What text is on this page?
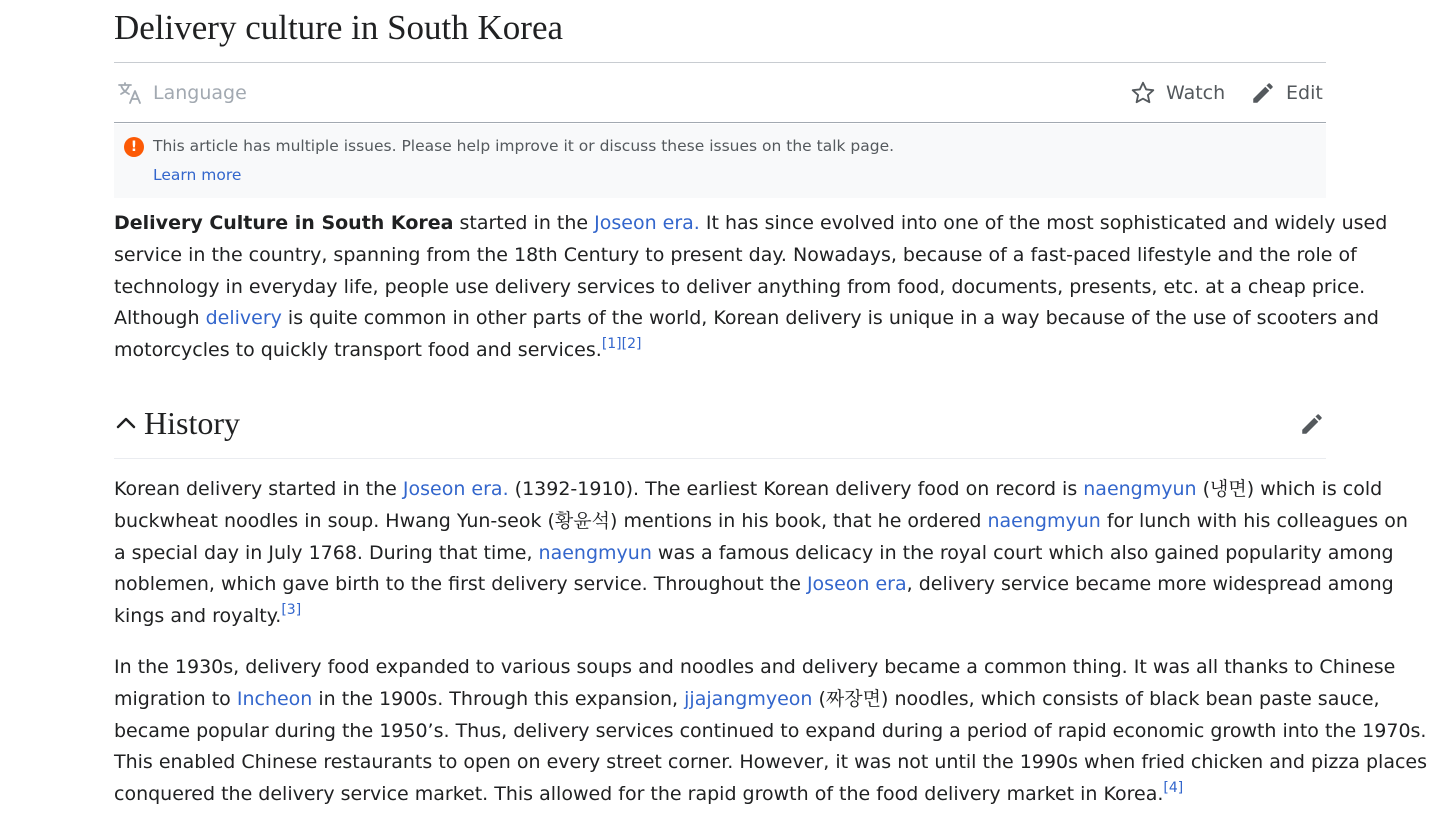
Delivery culture in South Korea
Language	Watch	Edit
!	This article has multiple issues. Please help improve it or discuss these issues on the talk page.
Learn more

Delivery Culture in South Korea started in the Joseon era. It has since evolved into one of the most sophisticated and widely used
service in the country, spanning from the 18th Century to present day. Nowadays, because of a fast-paced lifestyle and the role of
technology in everyday life, people use delivery services to deliver anything from food, documents, presents, etc. at a cheap price.
Although delivery is quite common in other parts of the world, Korean delivery is unique in a way because of the use of scooters and
motorcycles to quickly transport food and services.[1][2]

History

Korean delivery started in the Joseon era. (1392-1910). The earliest Korean delivery food on record is naengmyun (냉면) which is cold
buckwheat noodles in soup. Hwang Yun-seok (황윤석) mentions in his book, that he ordered naengmyun for lunch with his colleagues on
a special day in July 1768. During that time, naengmyun was a famous delicacy in the royal court which also gained popularity among
noblemen, which gave birth to the first delivery service. Throughout the Joseon era, delivery service became more widespread among
kings and royalty.[3]

In the 1930s, delivery food expanded to various soups and noodles and delivery became a common thing. It was all thanks to Chinese
migration to Incheon in the 1900s. Through this expansion, jjajangmyeon (짜장면) noodles, which consists of black bean paste sauce,
became popular during the 1950’s. Thus, delivery services continued to expand during a period of rapid economic growth into the 1970s.
This enabled Chinese restaurants to open on every street corner. However, it was not until the 1990s when fried chicken and pizza places
conquered the delivery service market. This allowed for the rapid growth of the food delivery market in Korea.[4]
